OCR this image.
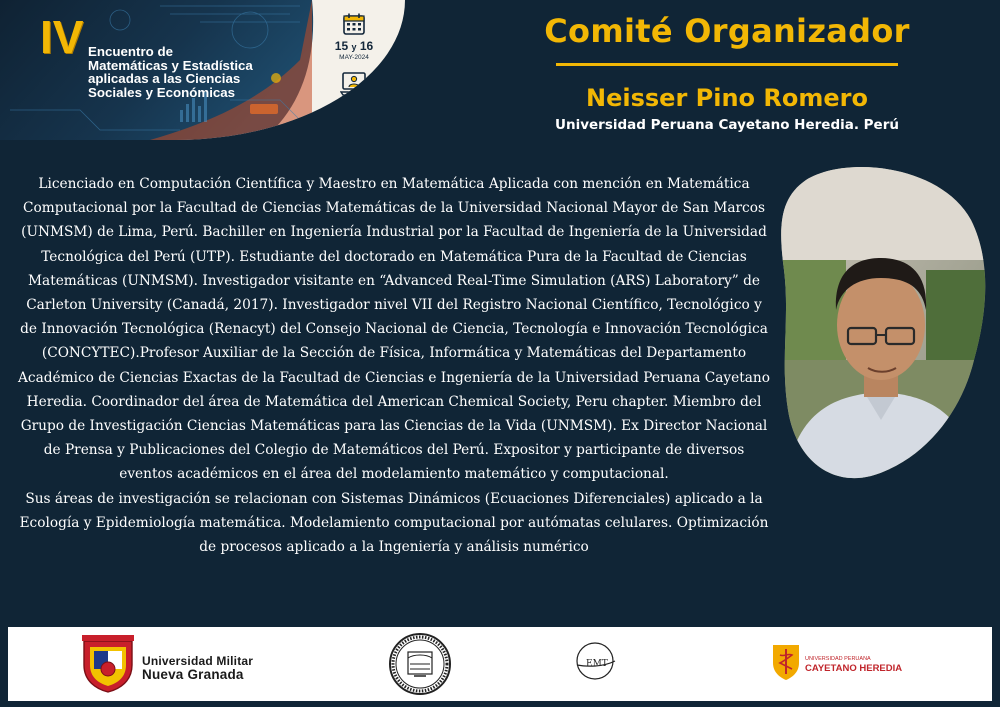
IV Encuentro de
Matemáticas y Estadística
aplicadas a las Ciencias
Sociales y Económicas
15 y 16
MAY-2024
Modalidad
Virtual
Comité Organizador
Neisser Pino Romero
Universidad Peruana Cayetano Heredia. Perú

Licenciado en Computación Científica y Maestro en Matemática Aplicada con mención en Matemática Computacional por la Facultad de Ciencias Matemáticas de la Universidad Nacional Mayor de San Marcos (UNMSM) de Lima, Perú. Bachiller en Ingeniería Industrial por la Facultad de Ingeniería de la Universidad Tecnológica del Perú (UTP). Estudiante del doctorado en Matemática Pura de la Facultad de Ciencias Matemáticas (UNMSM). Investigador visitante en “Advanced Real-Time Simulation (ARS) Laboratory” de Carleton University (Canadá, 2017). Investigador nivel VII del Registro Nacional Científico, Tecnológico y de Innovación Tecnológica (Renacyt) del Consejo Nacional de Ciencia, Tecnología e Innovación Tecnológica (CONCYTEC).Profesor Auxiliar de la Sección de Física, Informática y Matemáticas del Departamento Académico de Ciencias Exactas de la Facultad de Ciencias e Ingeniería de la Universidad Peruana Cayetano Heredia. Coordinador del área de Matemática del American Chemical Society, Peru chapter. Miembro del Grupo de Investigación Ciencias Matemáticas para las Ciencias de la Vida (UNMSM). Ex Director Nacional de Prensa y Publicaciones del Colegio de Matemáticos del Perú. Expositor y participante de diversos eventos académicos en el área del modelamiento matemático y computacional.

Sus áreas de investigación se relacionan con Sistemas Dinámicos (Ecuaciones Diferenciales) aplicado a la Ecología y Epidemiología matemática. Modelamiento computacional por autómatas celulares. Optimización de procesos aplicado a la Ingeniería y análisis numérico

Universidad Militar
Nueva Granada
EMT	UNIVERSIDAD PERUANA
CAYETANO HEREDIA
